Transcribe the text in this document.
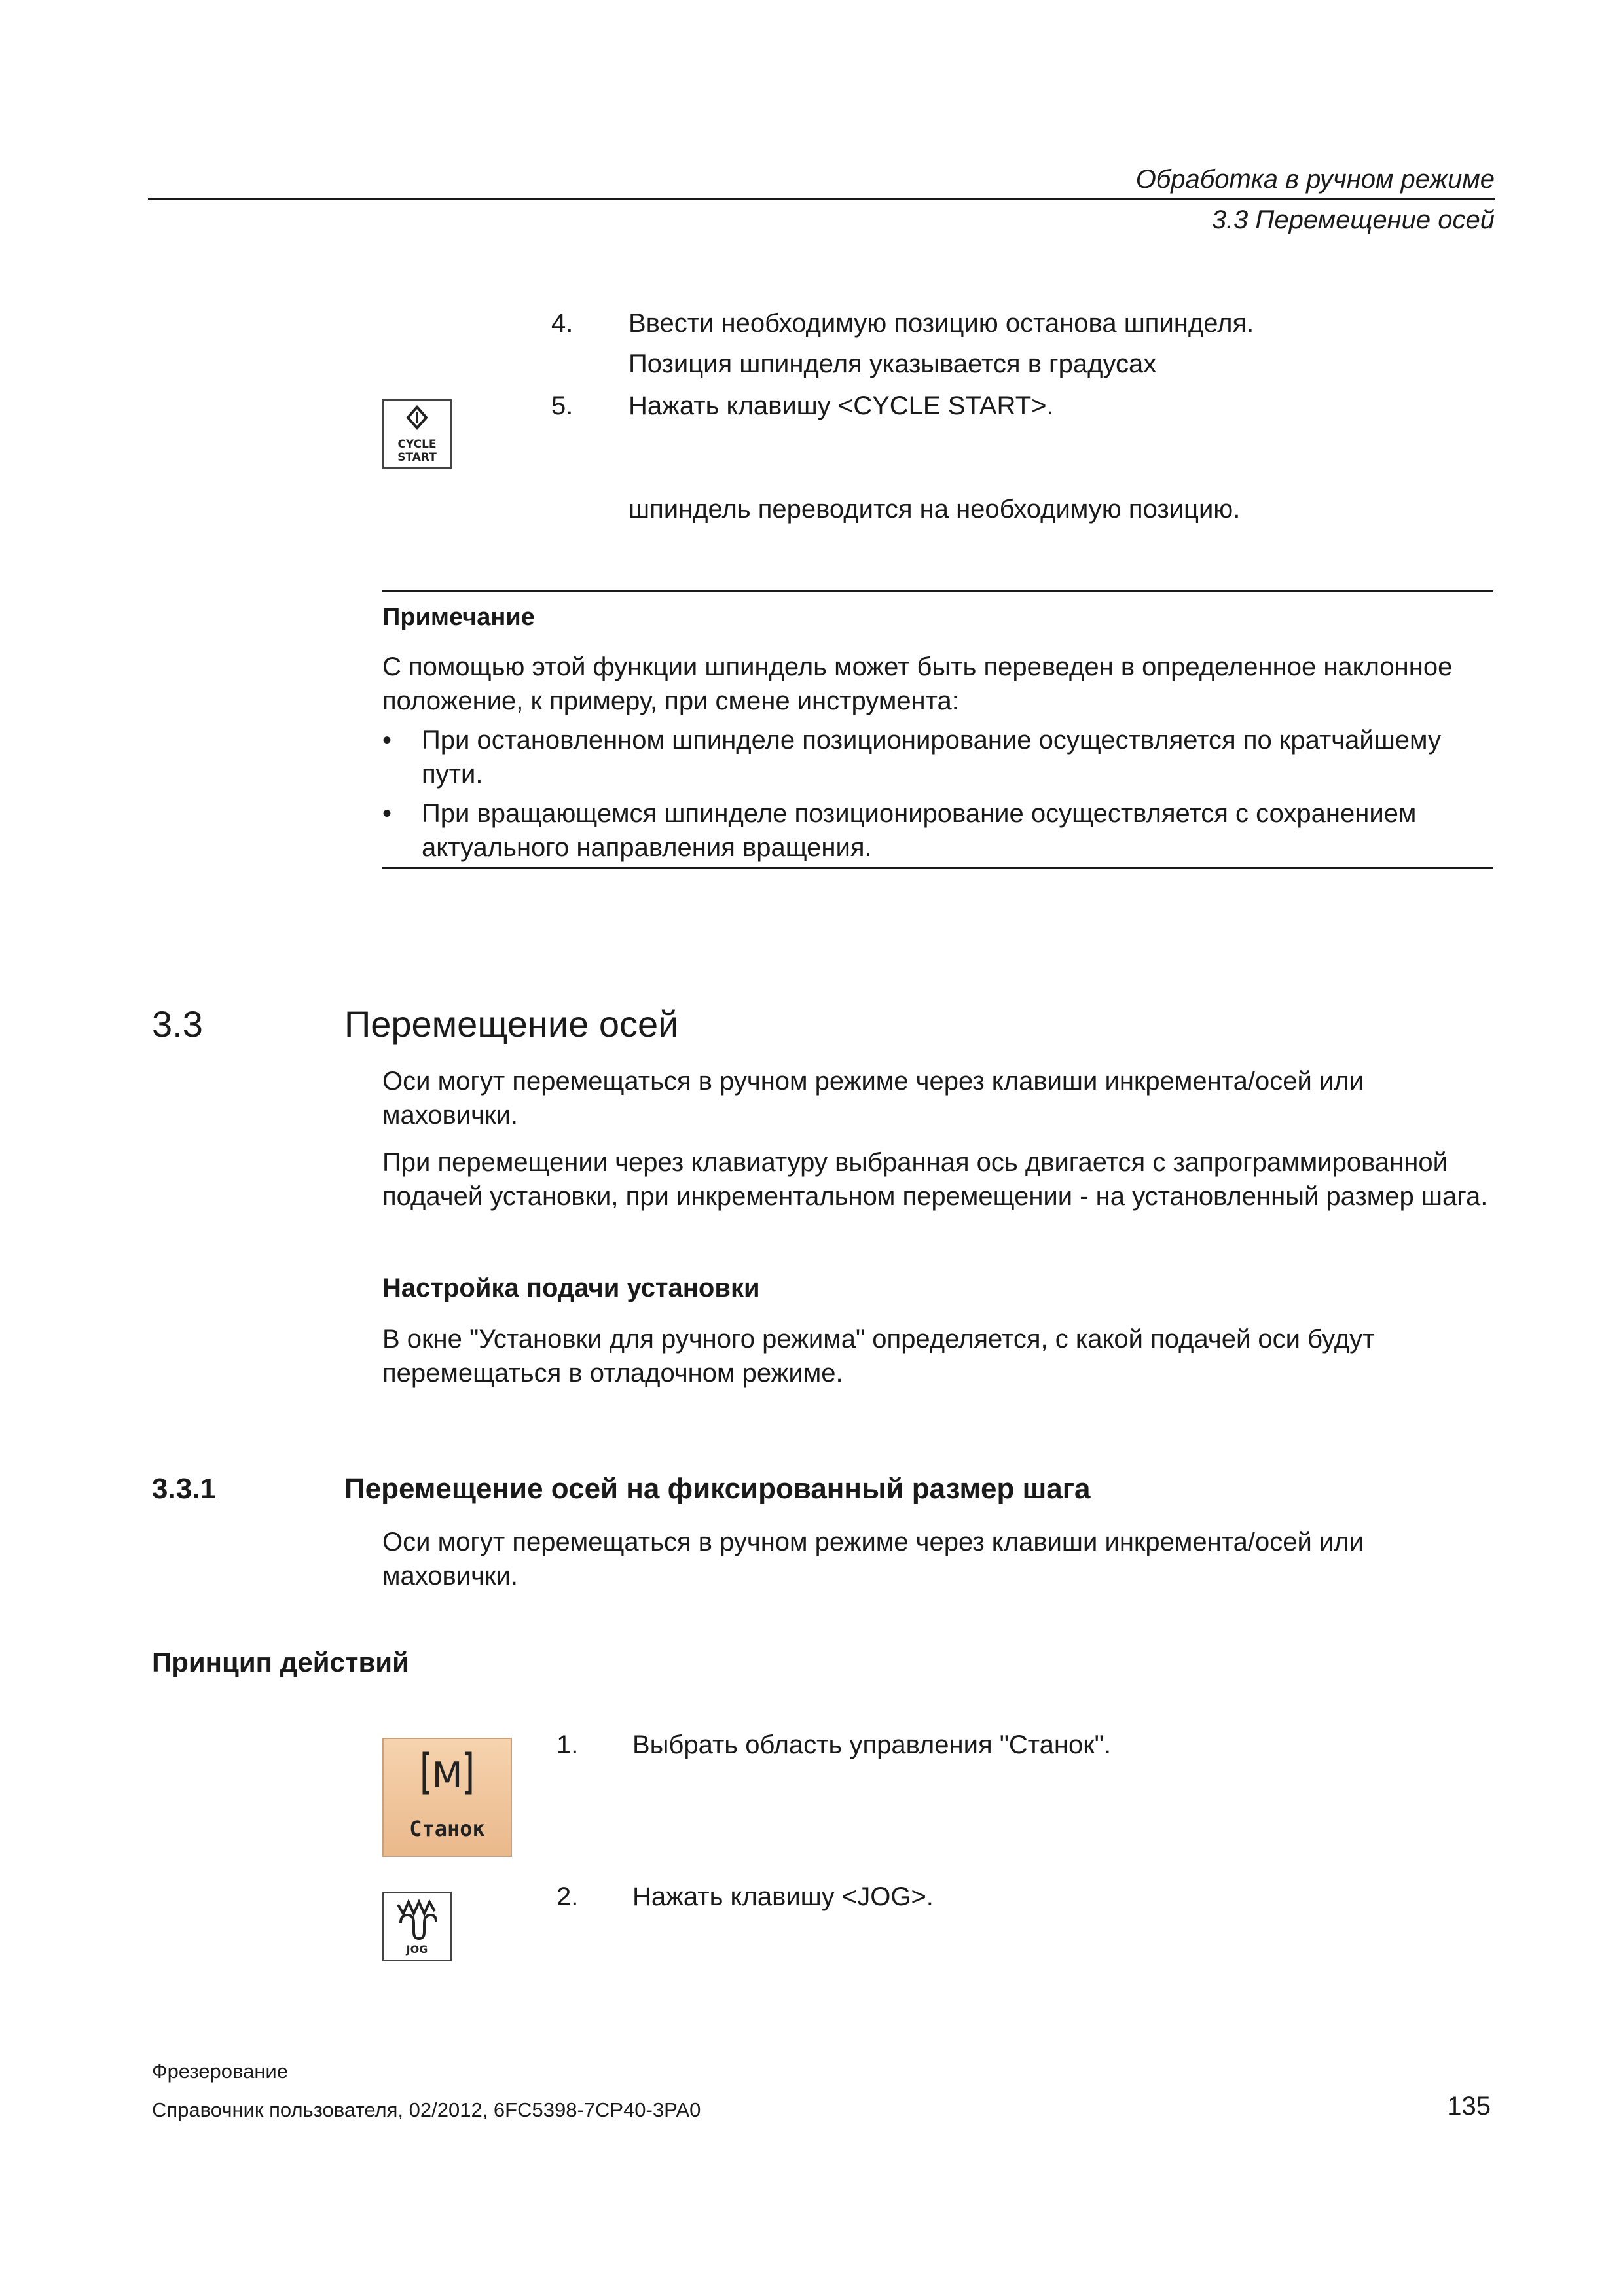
Обработка в ручном режиме
3.3 Перемещение осей
4. Ввести необходимую позицию останова шпинделя.
Позиция шпинделя указывается в градусах
CYCLE
START
5. Нажать клавишу <CYCLE START>.
шпиндель переводится на необходимую позицию.
Примечание
С помощью этой функции шпиндель может быть переведен в определенное наклонное положение, к примеру, при смене инструмента:
• При остановленном шпинделе позиционирование осуществляется по кратчайшему пути.
• При вращающемся шпинделе позиционирование осуществляется с сохранением актуального направления вращения.
3.3	Перемещение осей
Оси могут перемещаться в ручном режиме через клавиши инкремента/осей или маховички.
При перемещении через клавиатуру выбранная ось двигается с запрограммированной подачей установки, при инкрементальном перемещении - на установленный размер шага.
Настройка подачи установки
В окне "Установки для ручного режима" определяется, с какой подачей оси будут перемещаться в отладочном режиме.
3.3.1	Перемещение осей на фиксированный размер шага
Оси могут перемещаться в ручном режиме через клавиши инкремента/осей или маховички.
Принцип действий
M
Станок
1. Выбрать область управления "Станок".
JOG
2. Нажать клавишу <JOG>.
Фрезерование
Справочник пользователя, 02/2012, 6FC5398-7CP40-3PA0	135
